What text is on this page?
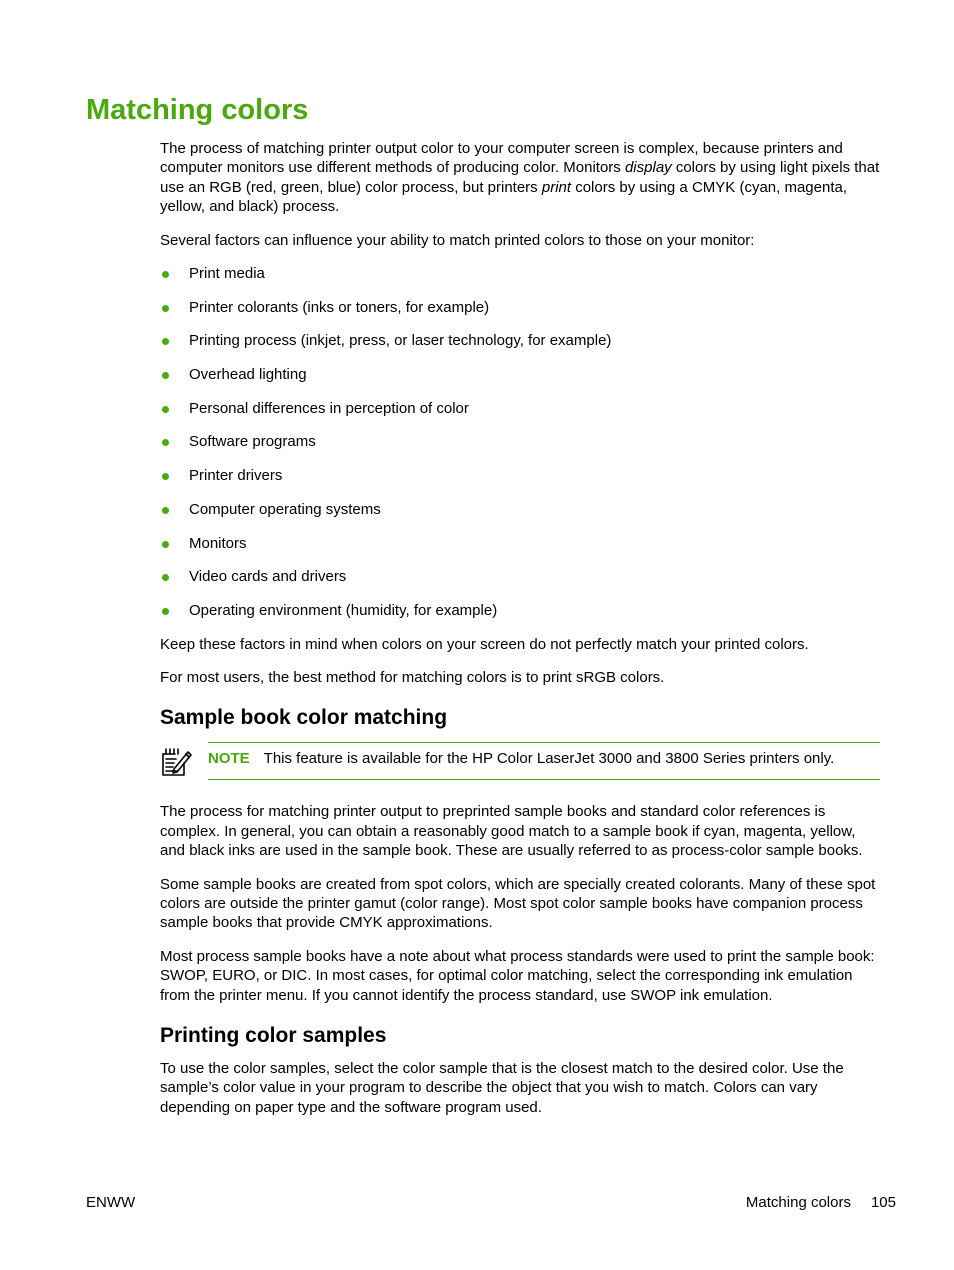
Matching colors

The process of matching printer output color to your computer screen is complex, because printers and computer monitors use different methods of producing color. Monitors display colors by using light pixels that use an RGB (red, green, blue) color process, but printers print colors by using a CMYK (cyan, magenta, yellow, and black) process.

Several factors can influence your ability to match printed colors to those on your monitor:

Print media
Printer colorants (inks or toners, for example)
Printing process (inkjet, press, or laser technology, for example)
Overhead lighting
Personal differences in perception of color
Software programs
Printer drivers
Computer operating systems
Monitors
Video cards and drivers
Operating environment (humidity, for example)

Keep these factors in mind when colors on your screen do not perfectly match your printed colors.

For most users, the best method for matching colors is to print sRGB colors.

Sample book color matching
NOTE This feature is available for the HP Color LaserJet 3000 and 3800 Series printers only.

The process for matching printer output to preprinted sample books and standard color references is complex. In general, you can obtain a reasonably good match to a sample book if cyan, magenta, yellow, and black inks are used in the sample book. These are usually referred to as process-color sample books.

Some sample books are created from spot colors, which are specially created colorants. Many of these spot colors are outside the printer gamut (color range). Most spot color sample books have companion process sample books that provide CMYK approximations.

Most process sample books have a note about what process standards were used to print the sample book: SWOP, EURO, or DIC. In most cases, for optimal color matching, select the corresponding ink emulation from the printer menu. If you cannot identify the process standard, use SWOP ink emulation.

Printing color samples

To use the color samples, select the color sample that is the closest match to the desired color. Use the sample’s color value in your program to describe the object that you wish to match. Colors can vary depending on paper type and the software program used.

ENWW	Matching colors 105
